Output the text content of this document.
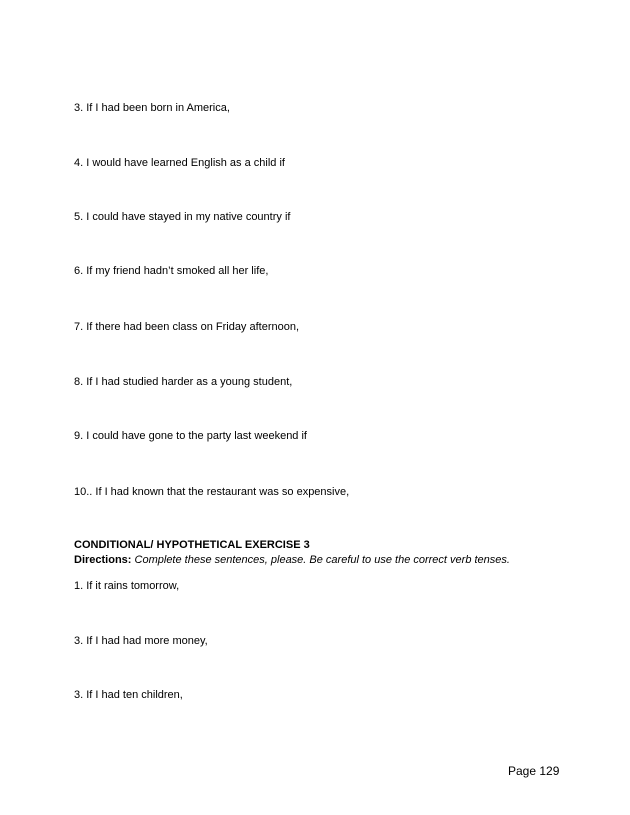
3. If I had been born in America,
4. I would have learned English as a child if
5. I could have stayed in my native country if
6. If my friend hadn’t smoked all her life,
7. If there had been class on Friday afternoon,
8. If I had studied harder as a young student,
9. I could have gone to the party last weekend if
10.. If I had known that the restaurant was so expensive,
CONDITIONAL/ HYPOTHETICAL EXERCISE 3
Directions: Complete these sentences, please. Be careful to use the correct verb tenses.
1. If it rains tomorrow,
3. If I had had more money,
3. If I had ten children,
Page 129
